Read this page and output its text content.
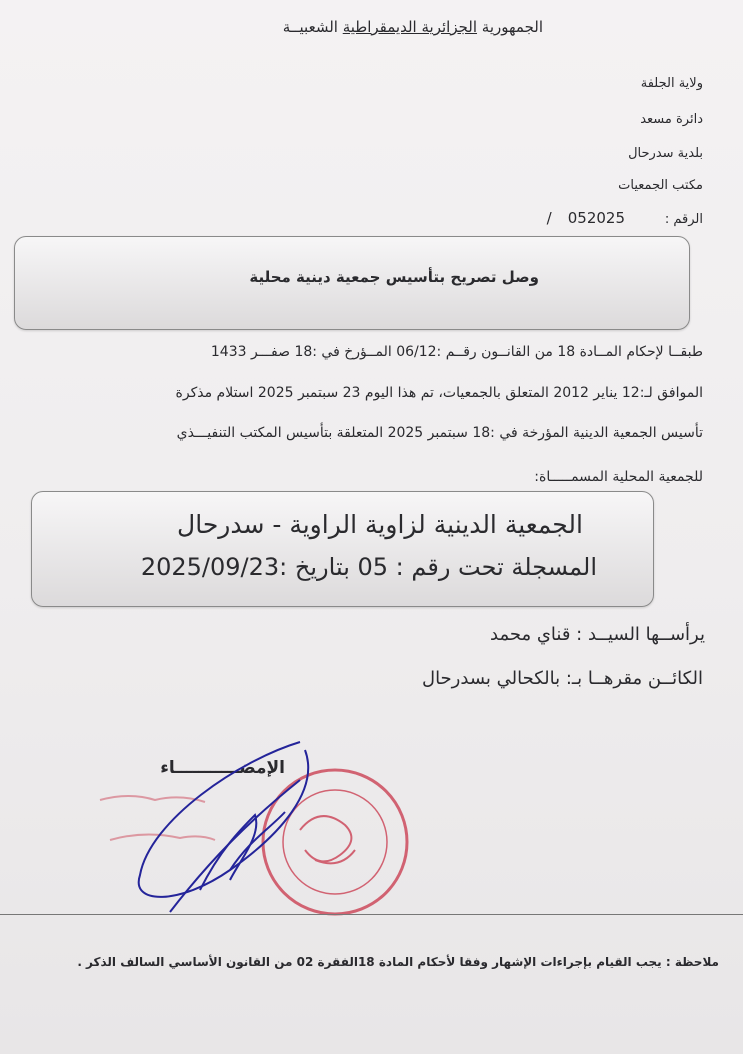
الجمهورية الجزائرية الديمقراطية الشعبيــة
ولاية الجلفة
دائرة مسعد
بلدية سدرحال
مكتب الجمعيات
الرقم :
052025/
وصل تصريح بتأسيس جمعية دينية محلية
طبقــا لإحكام المــادة 18 من القانــون رقــم :06/12 المــؤرخ في :18 صفـــر 1433
الموافق لـ:12 يناير 2012 المتعلق بالجمعيات، تم هذا اليوم 23 سبتمبر 2025 استلام مذكرة
تأسيس الجمعية الدينية المؤرخة في :18 سبتمبر 2025 المتعلقة بتأسيس المكتب التنفيـــذي
للجمعية المحلية المسمـــــاة:
الجمعية الدينية لزاوية الراوية - سدرحال
المسجلة تحت رقم : 05 بتاريخ :2025/09/23
يرأســها السيــد : قناي محمد
الكائــن مقرهــا بـ: بالكحالي بسدرحال
الإمضـــــــــــاء
ملاحظة : يجب القيام بإجراءات الإشهار وفقا لأحكام المادة 18الفقرة 02 من القانون الأساسي السالف الذكر .
